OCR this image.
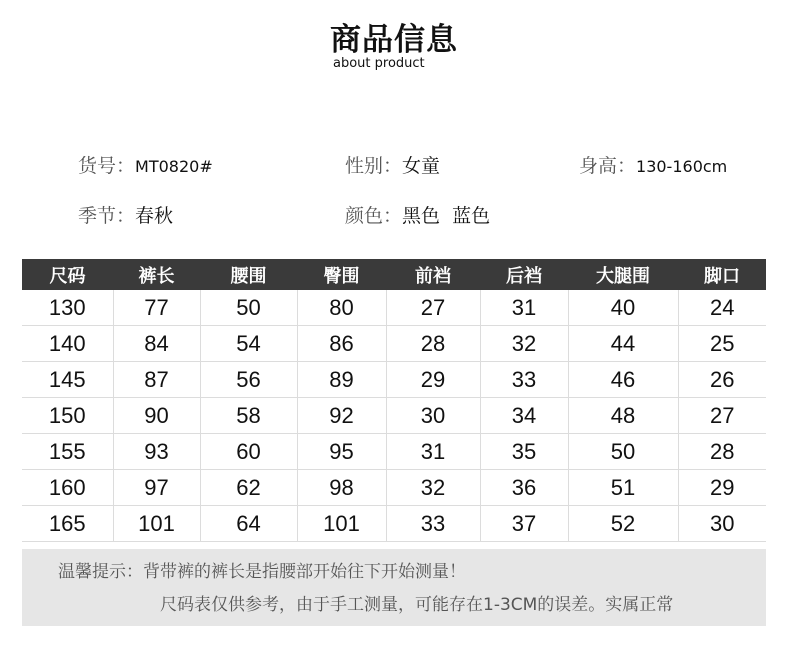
商品信息
about product
货号：MT0820#	性别：女童	身高：130-160cm
季节：春秋	颜色：黑色  蓝色
尺码	裤长	腰围	臀围	前裆	后裆	大腿围	脚口
130	77	50	80	27	31	40	24
140	84	54	86	28	32	44	25
145	87	56	89	29	33	46	26
150	90	58	92	30	34	48	27
155	93	60	95	31	35	50	28
160	97	62	98	32	36	51	29
165	101	64	101	33	37	52	30
温馨提示：背带裤的裤长是指腰部开始往下开始测量！
尺码表仅供参考，由于手工测量，可能存在1-3CM的误差。实属正常
